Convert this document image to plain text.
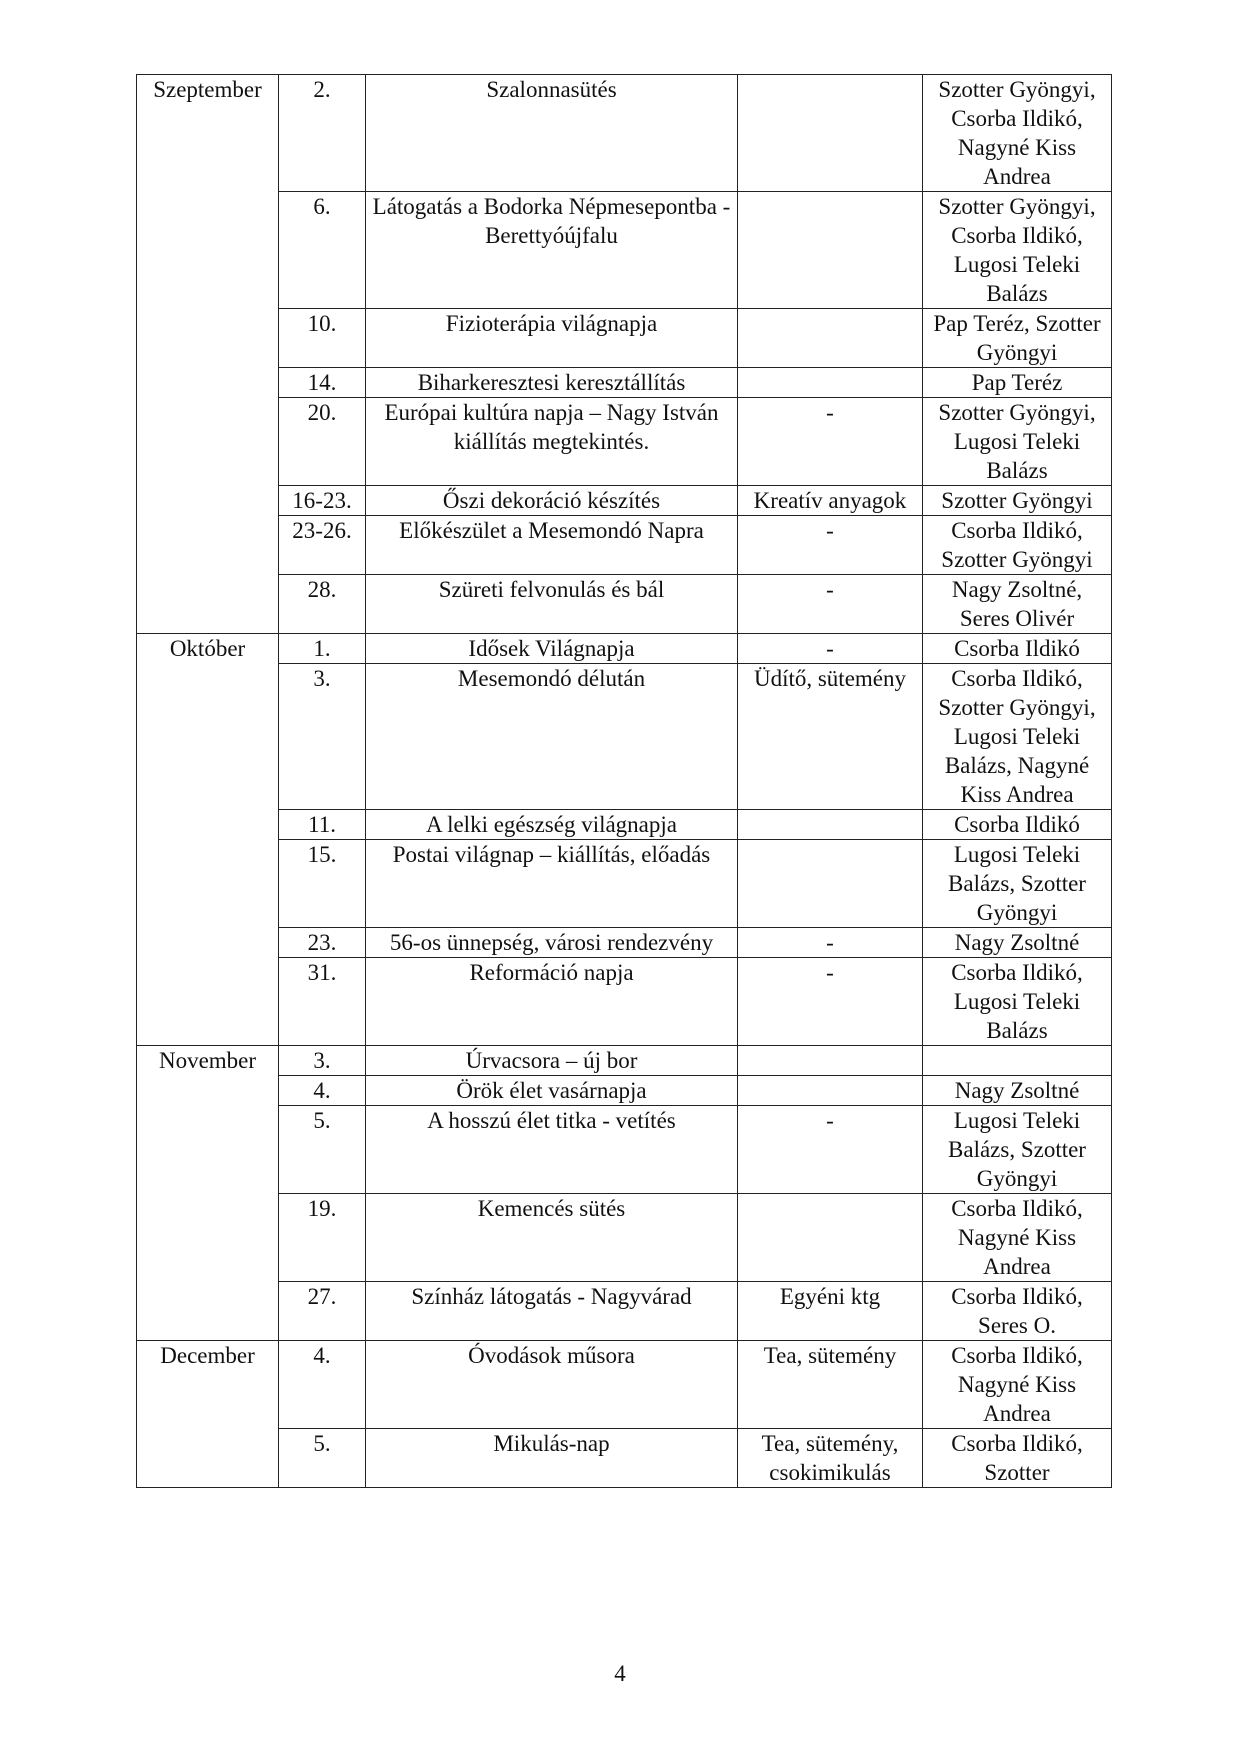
Szeptember	2.	Szalonnasütés		Szotter Gyöngyi, Csorba Ildikó, Nagyné Kiss Andrea
	6.	Látogatás a Bodorka Népmesepontba - Berettyóújfalu		Szotter Gyöngyi, Csorba Ildikó, Lugosi Teleki Balázs
	10.	Fizioterápia világnapja		Pap Teréz, Szotter Gyöngyi
	14.	Biharkeresztesi keresztállítás		Pap Teréz
	20.	Európai kultúra napja – Nagy István kiállítás megtekintés.	-	Szotter Gyöngyi, Lugosi Teleki Balázs
	16-23.	Őszi dekoráció készítés	Kreatív anyagok	Szotter Gyöngyi
	23-26.	Előkészület a Mesemondó Napra	-	Csorba Ildikó, Szotter Gyöngyi
	28.	Szüreti felvonulás és bál	-	Nagy Zsoltné, Seres Olivér
Október	1.	Idősek Világnapja	-	Csorba Ildikó
	3.	Mesemondó délután	Üdítő, sütemény	Csorba Ildikó, Szotter Gyöngyi, Lugosi Teleki Balázs, Nagyné Kiss Andrea
	11.	A lelki egészség világnapja		Csorba Ildikó
	15.	Postai világnap – kiállítás, előadás		Lugosi Teleki Balázs, Szotter Gyöngyi
	23.	56-os ünnepség, városi rendezvény	-	Nagy Zsoltné
	31.	Reformáció napja	-	Csorba Ildikó, Lugosi Teleki Balázs
November	3.	Úrvacsora – új bor		
	4.	Örök élet vasárnapja		Nagy Zsoltné
	5.	A hosszú élet titka - vetítés	-	Lugosi Teleki Balázs, Szotter Gyöngyi
	19.	Kemencés sütés		Csorba Ildikó, Nagyné Kiss Andrea
	27.	Színház látogatás - Nagyvárad	Egyéni ktg	Csorba Ildikó, Seres O.
December	4.	Óvodások műsora	Tea, sütemény	Csorba Ildikó, Nagyné Kiss Andrea
	5.	Mikulás-nap	Tea, sütemény, csokimikulás	Csorba Ildikó, Szotter
4
